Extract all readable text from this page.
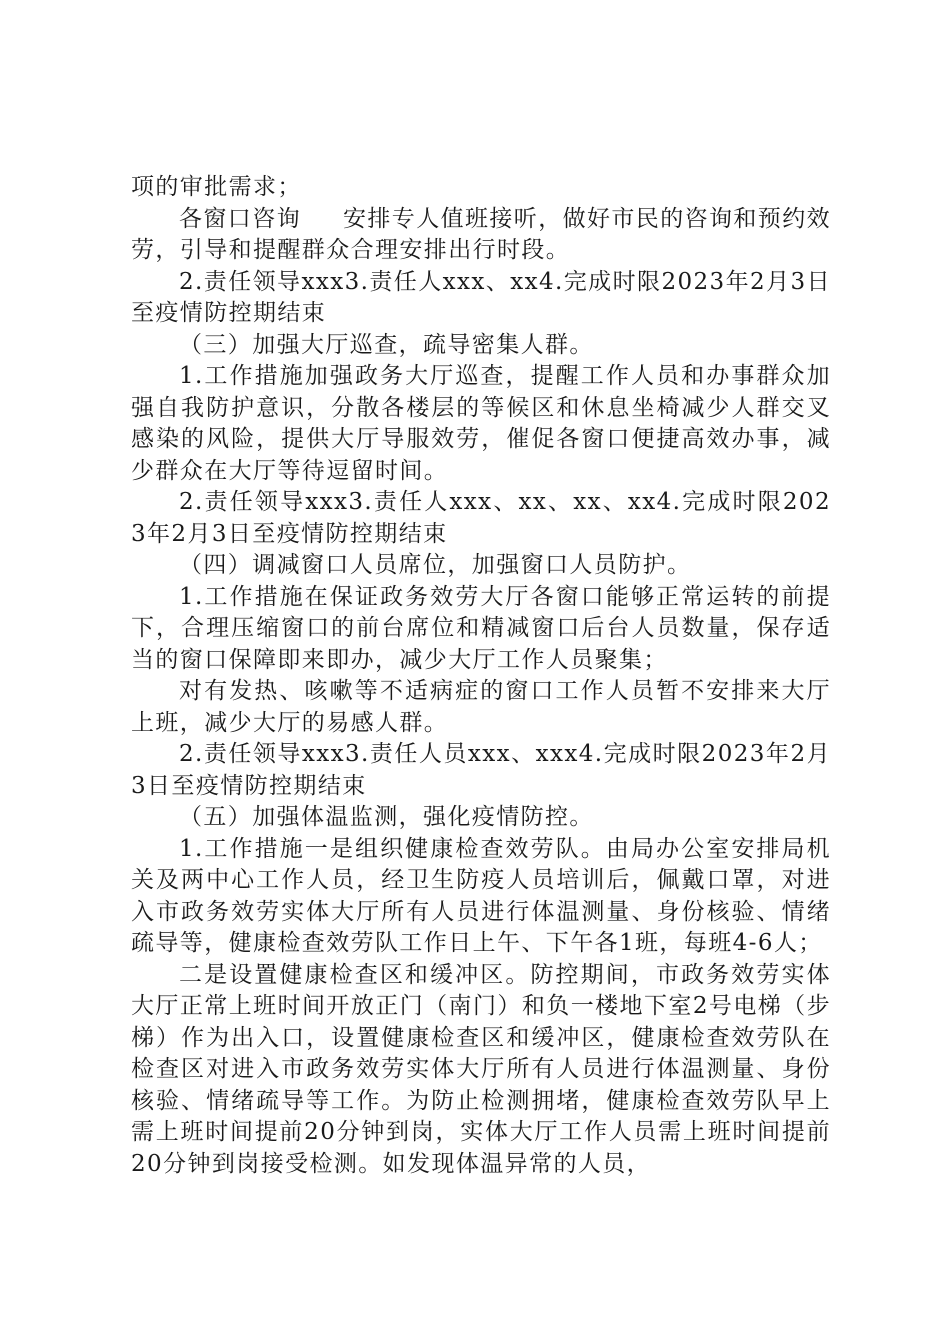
项的审批需求；

各窗口咨询 安排专人值班接听，做好市民的咨询和预约效劳，引导和提醒群众合理安排出行时段。

2.责任领导xxx3.责任人xxx、xx4.完成时限2023年2月3日至疫情防控期结束

（三）加强大厅巡查，疏导密集人群。

1.工作措施加强政务大厅巡查，提醒工作人员和办事群众加强自我防护意识，分散各楼层的等候区和休息坐椅减少人群交叉感染的风险，提供大厅导服效劳，催促各窗口便捷高效办事，减少群众在大厅等待逗留时间。

2.责任领导xxx3.责任人xxx、xx、xx、xx4.完成时限2023年2月3日至疫情防控期结束

（四）调减窗口人员席位，加强窗口人员防护。

1.工作措施在保证政务效劳大厅各窗口能够正常运转的前提下，合理压缩窗口的前台席位和精减窗口后台人员数量，保存适当的窗口保障即来即办，减少大厅工作人员聚集；

对有发热、咳嗽等不适病症的窗口工作人员暂不安排来大厅上班，减少大厅的易感人群。

2.责任领导xxx3.责任人员xxx、xxx4.完成时限2023年2月3日至疫情防控期结束

（五）加强体温监测，强化疫情防控。

1.工作措施一是组织健康检查效劳队。由局办公室安排局机关及两中心工作人员，经卫生防疫人员培训后，佩戴口罩，对进入市政务效劳实体大厅所有人员进行体温测量、身份核验、情绪疏导等，健康检查效劳队工作日上午、下午各1班，每班4-6人；

二是设置健康检查区和缓冲区。防控期间，市政务效劳实体大厅正常上班时间开放正门（南门）和负一楼地下室2号电梯（步梯）作为出入口，设置健康检查区和缓冲区，健康检查效劳队在检查区对进入市政务效劳实体大厅所有人员进行体温测量、身份核验、情绪疏导等工作。为防止检测拥堵，健康检查效劳队早上需上班时间提前20分钟到岗，实体大厅工作人员需上班时间提前20分钟到岗接受检测。如发现体温异常的人员，
